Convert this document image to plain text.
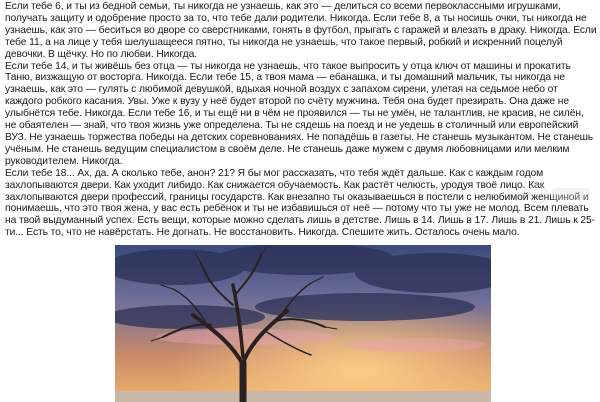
Если тебе 6, и ты из бедной семьи, ты никогда не узнаешь, как это — делиться со всеми первоклассными игрушками, получать защиту и одобрение просто за то, что тебе дали родители. Никогда. Если тебе 8, а ты носишь очки, ты никогда не узнаешь, как это — беситься во дворе со сверстниками, гонять в футбол, прыгать с гаражей и влезать в драку. Никогда. Если тебе 11, а на лице у тебя шелушащееся пятно, ты никогда не узнаешь, что такое первый, робкий и искренний поцелуй девочки. В щёчку. Но по любви. Никогда.

Если тебе 14, и ты живёшь без отца — ты никогда не узнаешь, что такое выпросить у отца ключ от машины и прокатить Таню, визжащую от восторга. Никогда. Если тебе 15, а твоя мама — ебанашка, и ты домашний мальчик, ты никогда не узнаешь, как это — гулять с любимой девушкой, вдыхая ночной воздух с запахом сирени, улетая на седьмое небо от каждого робкого касания. Увы. Уже к вузу у неё будет второй по счёту мужчина. Тебя она будет презирать. Она даже не улыбнётся тебе. Никогда. Если тебе 16, и ты ещё ни в чём не проявился — ты не умён, не талантлив, не красив, не силён, не обаятелен — знай, что твоя жизнь уже определена. Ты не сядешь на поезд и не уедешь в столичный или европейский ВУЗ. Не узнаешь торжества победы на детских соревнованиях. Не попадёшь в газеты. Не станешь музыкантом. Не станешь учёным. Не станешь ведущим специалистом в своём деле. Не станешь даже мужем с двумя любовницами или мелким руководителем. Никогда.

Если тебе 18... Ах, да. А сколько тебе, анон? 21? Я бы мог рассказать, что тебя ждёт дальше. Как с каждым годом захлопываются двери. Как уходит либидо. Как снижается обучаемость. Как растёт челюсть, уродуя твоё лицо. Как захлопываются двери профессий, границы государств. Как внезапно ты оказываешься в постели с нелюбимой женщиной и понимаешь, что это твоя жена, у вас есть ребёнок и ты не избавишься от неё — потому что ты уже не молод. Всем плевать на твой выдуманный успех. Есть вещи, которые можно сделать лишь в детстве. Лишь в 14. Лишь в 17. Лишь в 21. Лишь к 25-ти... Есть то, что не навёрстать. Не догнать. Не восстановить. Никогда. Спешите жить. Осталось очень мало.
